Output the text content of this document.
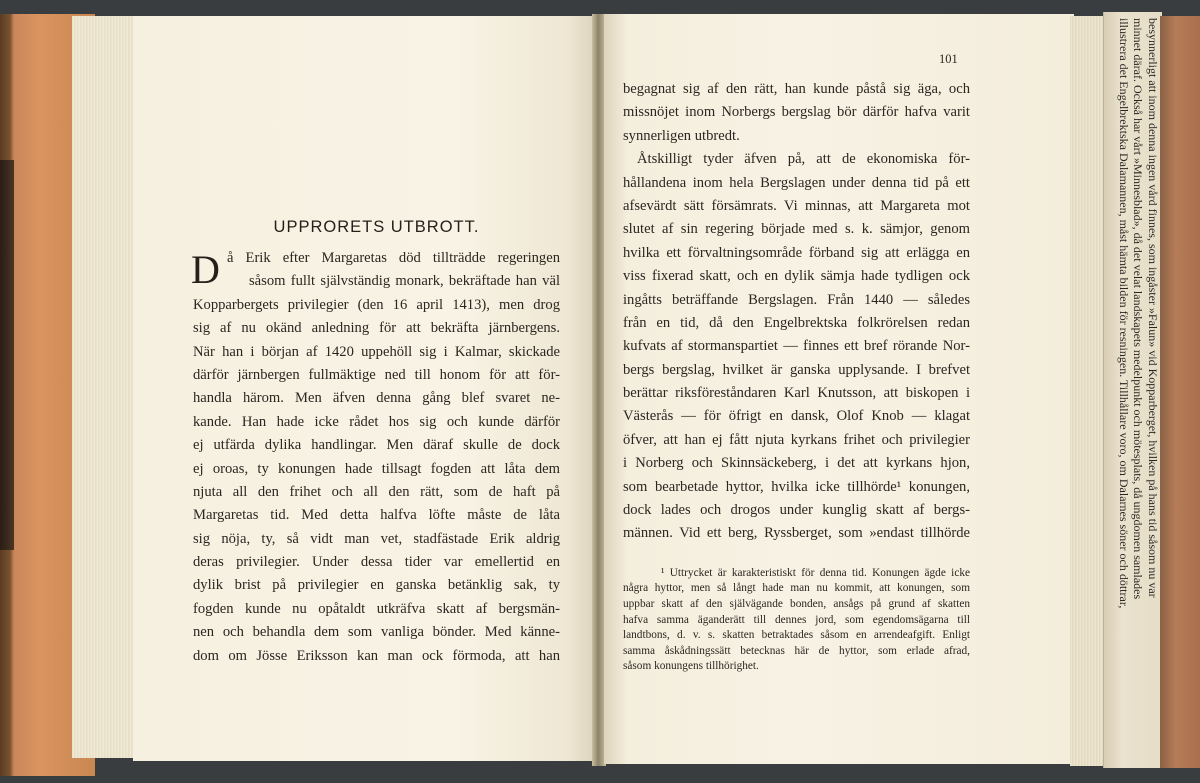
besynnerligt att inom denna ingen vård finnes, som ingåster »Falun» vid Kopparberget, hvilken på hans tid såsom nu var
minnet däraf. Också har vårt »Minnesblad», då det velat landskapets medelpunkt och mötesplats, då ungdomen samlades
illustrera det Engelbrektska Dalamannen, måst hämta bilden för resningen. Tillhållare voro, om Dalarnes söner och döttrar,
UPPRORETS UTBROTT.
D å Erik efter Margaretas död tillträdde regeringen
såsom fullt självständig monark, bekräftade han väl
Kopparbergets privilegier (den 16 april 1413), men drog
sig af nu okänd anledning för att bekräfta järnbergens.
När han i början af 1420 uppehöll sig i Kalmar, skickade
därför järnbergen fullmäktige ned till honom för att för-
handla härom. Men äfven denna gång blef svaret ne-
kande. Han hade icke rådet hos sig och kunde därför
ej utfärda dylika handlingar. Men däraf skulle de dock
ej oroas, ty konungen hade tillsagt fogden att låta dem
njuta all den frihet och all den rätt, som de haft på
Margaretas tid. Med detta halfva löfte måste de låta
sig nöja, ty, så vidt man vet, stadfästade Erik aldrig
deras privilegier. Under dessa tider var emellertid en
dylik brist på privilegier en ganska betänklig sak, ty
fogden kunde nu opåtaldt utkräfva skatt af bergsmän-
nen och behandla dem som vanliga bönder. Med känne-
dom om Jösse Eriksson kan man ock förmoda, att han
101
begagnat sig af den rätt, han kunde påstå sig äga, och
missnöjet inom Norbergs bergslag bör därför hafva varit
synnerligen utbredt.
Åtskilligt tyder äfven på, att de ekonomiska för-
hållandena inom hela Bergslagen under denna tid på ett
afsevärdt sätt försämrats. Vi minnas, att Margareta mot
slutet af sin regering började med s. k. sämjor, genom
hvilka ett förvaltningsområde förband sig att erlägga en
viss fixerad skatt, och en dylik sämja hade tydligen ock
ingåtts beträffande Bergslagen. Från 1440 — således
från en tid, då den Engelbrektska folkrörelsen redan
kufvats af stormanspartiet — finnes ett bref rörande Nor-
bergs bergslag, hvilket är ganska upplysande. I brefvet
berättar riksföreståndaren Karl Knutsson, att biskopen i
Västerås — för öfrigt en dansk, Olof Knob — klagat
öfver, att han ej fått njuta kyrkans frihet och privilegier
i Norberg och Skinnsäckeberg, i det att kyrkans hjon,
som bearbetade hyttor, hvilka icke tillhörde¹ konungen,
dock lades och drogos under kunglig skatt af bergs-
männen. Vid ett berg, Ryssberget, som »endast tillhörde
¹ Uttrycket är karakteristiskt för denna tid. Konungen ägde icke
några hyttor, men så långt hade man nu kommit, att konungen, som
uppbar skatt af den självägande bonden, ansågs på grund af skatten
hafva samma äganderätt till dennes jord, som egendomsägarna till
landtbons, d. v. s. skatten betraktades såsom en arrendeafgift. Enligt
samma åskådningssätt betecknas här de hyttor, som erlade afrad,
såsom konungens tillhörighet.
